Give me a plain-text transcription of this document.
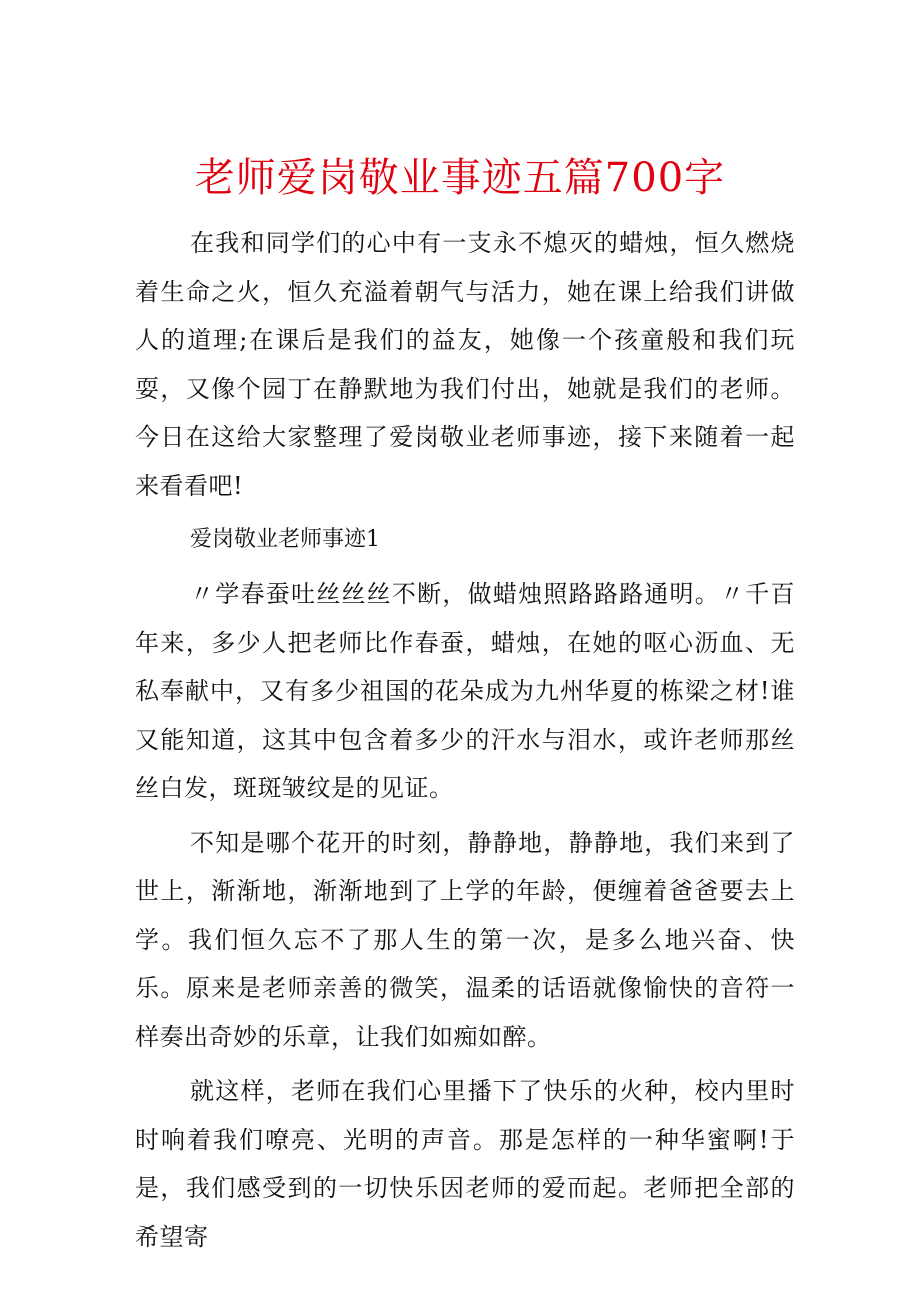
老师爱岗敬业事迹五篇700字

在我和同学们的心中有一支永不熄灭的蜡烛，恒久燃烧着生命之火，恒久充溢着朝气与活力，她在课上给我们讲做人的道理;在课后是我们的益友，她像一个孩童般和我们玩耍，又像个园丁在静默地为我们付出，她就是我们的老师。今日在这给大家整理了爱岗敬业老师事迹，接下来随着一起来看看吧!

爱岗敬业老师事迹1

〃学春蚕吐丝丝丝不断，做蜡烛照路路路通明。〃千百年来，多少人把老师比作春蚕，蜡烛，在她的呕心沥血、无私奉献中，又有多少祖国的花朵成为九州华夏的栋梁之材!谁又能知道，这其中包含着多少的汗水与泪水，或许老师那丝丝白发，斑斑皱纹是的见证。

不知是哪个花开的时刻，静静地，静静地，我们来到了世上，渐渐地，渐渐地到了上学的年龄，便缠着爸爸要去上学。我们恒久忘不了那人生的第一次，是多么地兴奋、快乐。原来是老师亲善的微笑，温柔的话语就像愉快的音符一样奏出奇妙的乐章，让我们如痴如醉。

就这样，老师在我们心里播下了快乐的火种，校内里时时响着我们嘹亮、光明的声音。那是怎样的一种华蜜啊!于是，我们感受到的一切快乐因老师的爱而起。老师把全部的希望寄
